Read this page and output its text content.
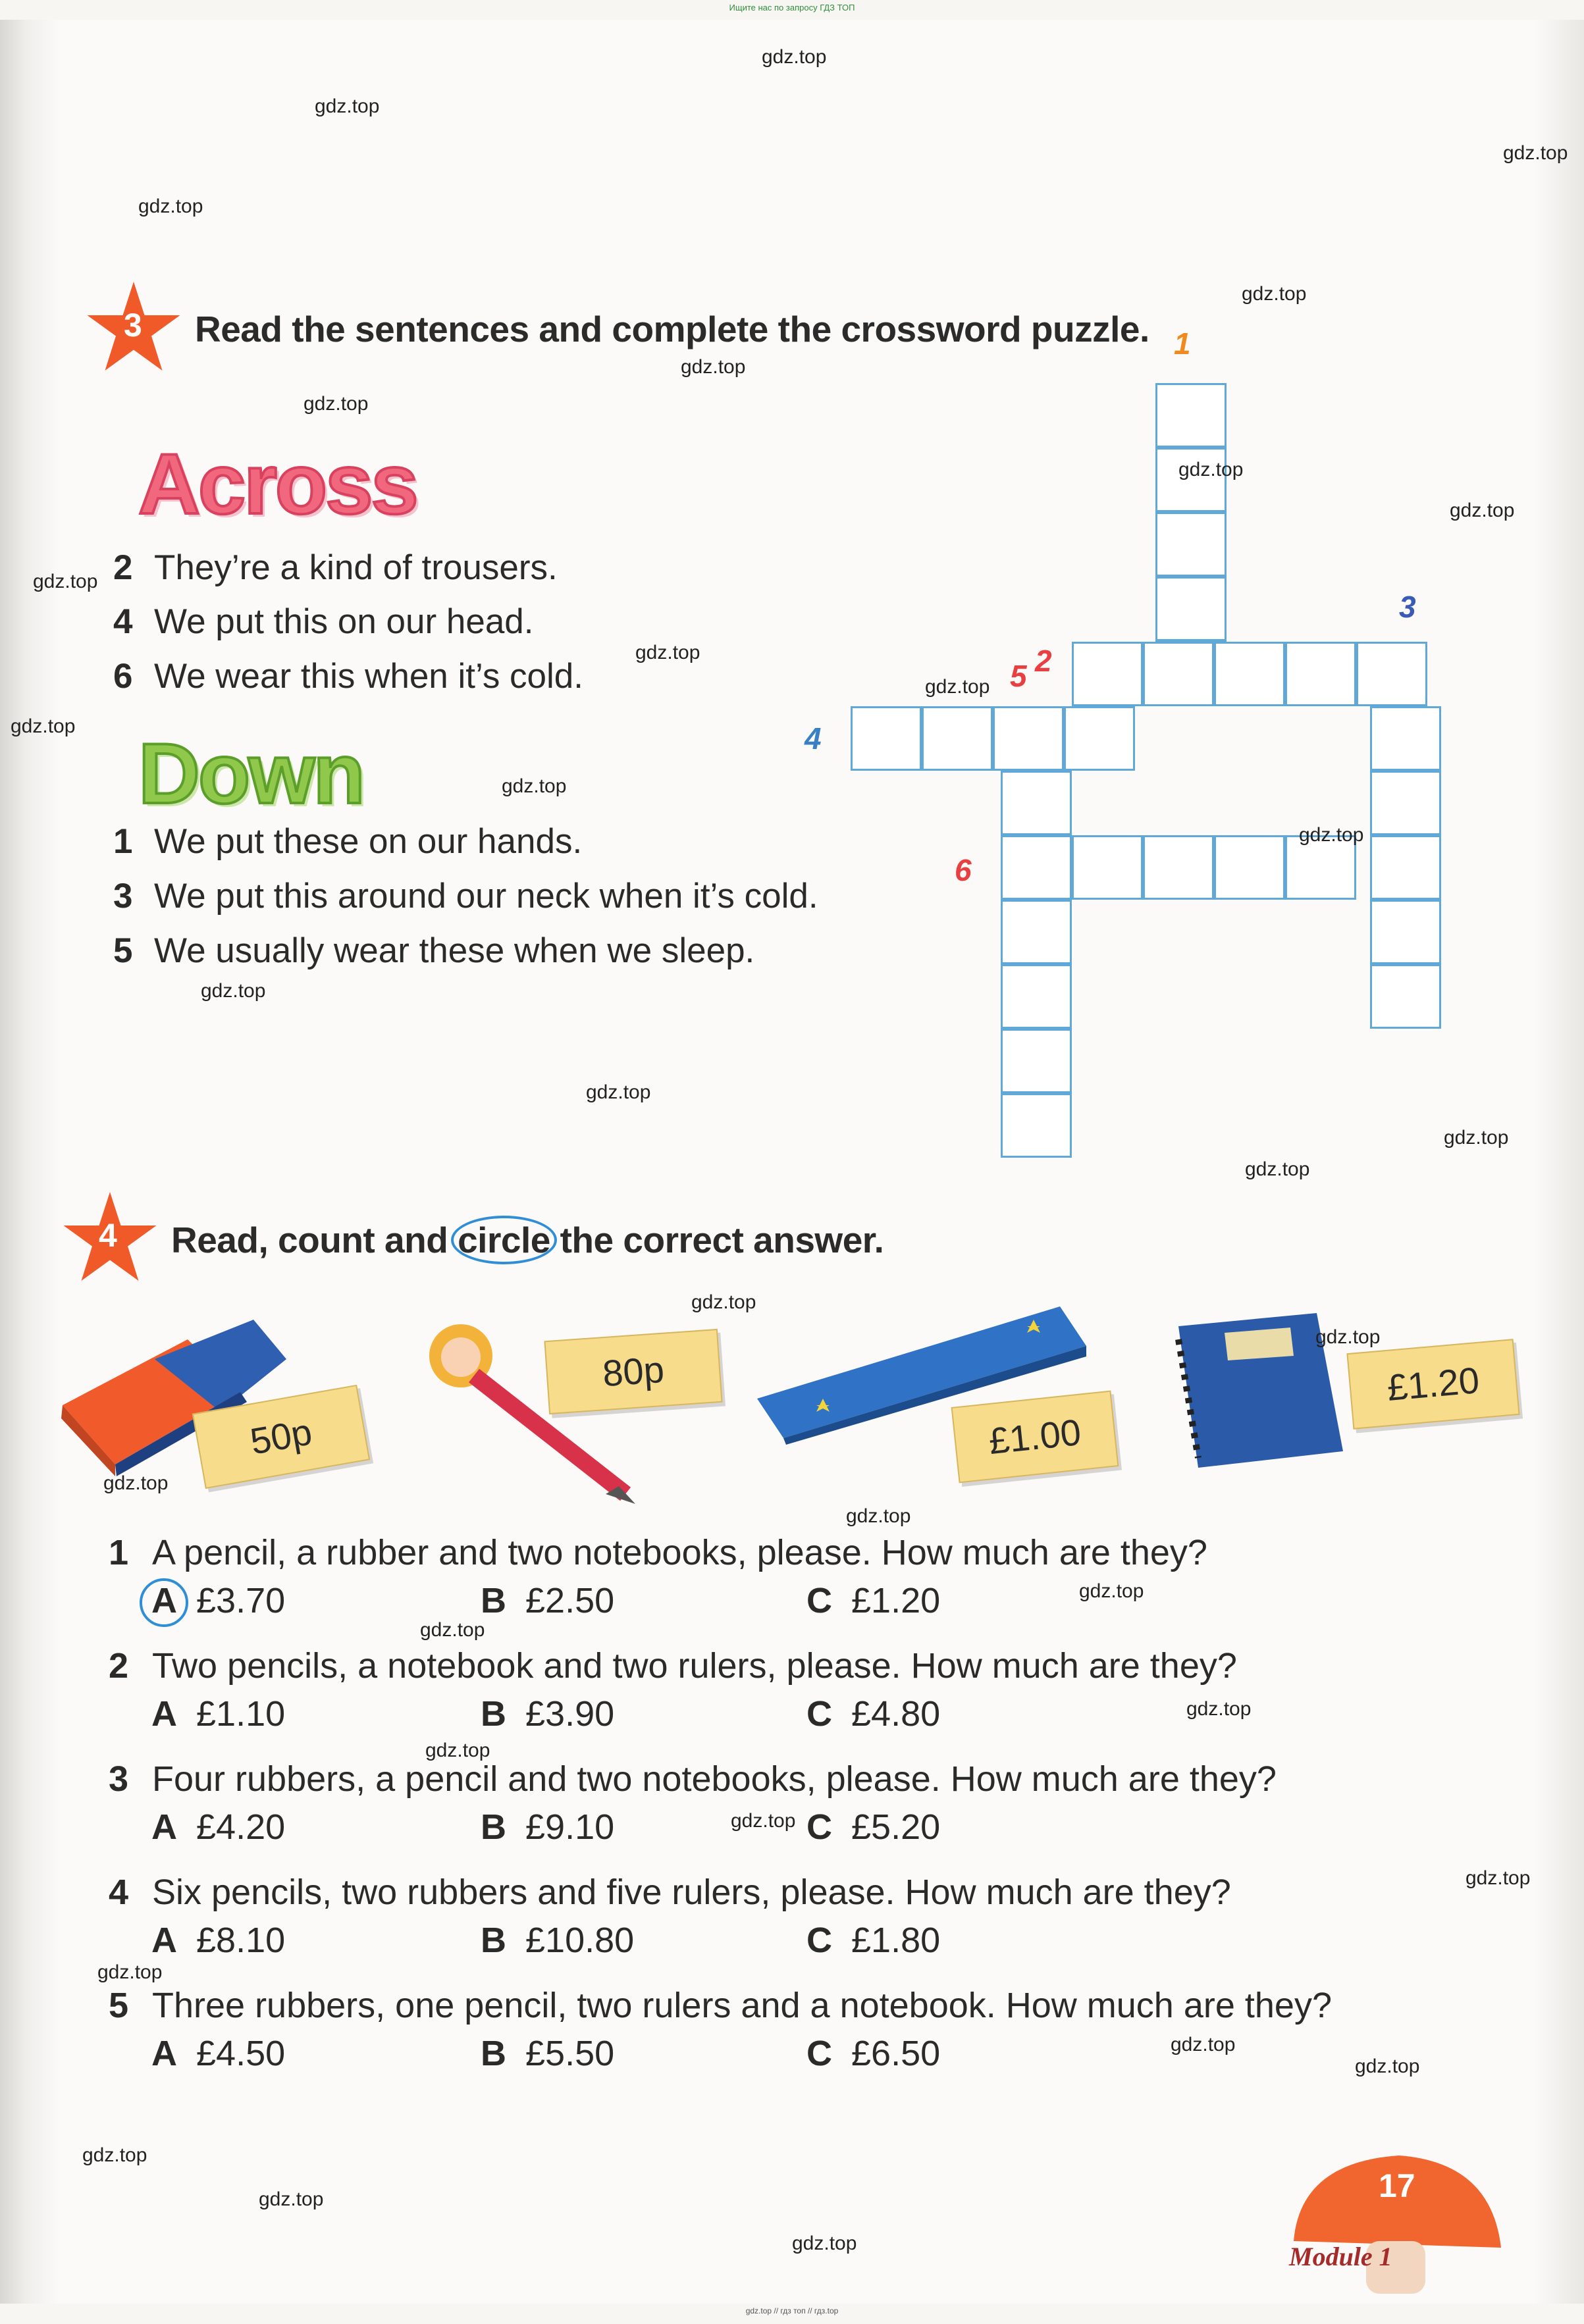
Ищите нас по запросу ГДЗ ТОП
3 Read the sentences and complete the crossword puzzle.
Across
2 They’re a kind of trousers.
4 We put this on our head.
6 We wear this when it’s cold.
Down
1 We put these on our hands.
3 We put this around our neck when it’s cold.
5 We usually wear these when we sleep.
1
2
3
4
5
6
4 Read, count and circle
the correct answer.
50p
80p
£1.00
£1.20
1 A pencil, a rubber and two notebooks, please. How much are they?
A £3.70	B £2.50	C £1.20
2 Two pencils, a notebook and two rulers, please. How much are they?
A £1.10	B £3.90	C £4.80
3 Four rubbers, a pencil and two notebooks, please. How much are they?
A £4.20	B £9.10	C £5.20
4 Six pencils, two rubbers and five rulers, please. How much are they?
A £8.10	B £10.80	C £1.80
5 Three rubbers, one pencil, two rulers and a notebook. How much are they?
A £4.50	B £5.50	C £6.50
17
Module 1
gdz.top
gdz.top
gdz.top
gdz.top
gdz.top
gdz.top
gdz.top
gdz.top
gdz.top
gdz.top
gdz.top
gdz.top
gdz.top
gdz.top
gdz.top
gdz.top
gdz.top
gdz.top
gdz.top
gdz.top
gdz.top
gdz.top
gdz.top
gdz.top
gdz.top
gdz.top
gdz.top
gdz.top
gdz.top
gdz.top
gdz.top
gdz.top
gdz.top
gdz.top
gdz.top
gdz.top // гдз топ // гдз.top
